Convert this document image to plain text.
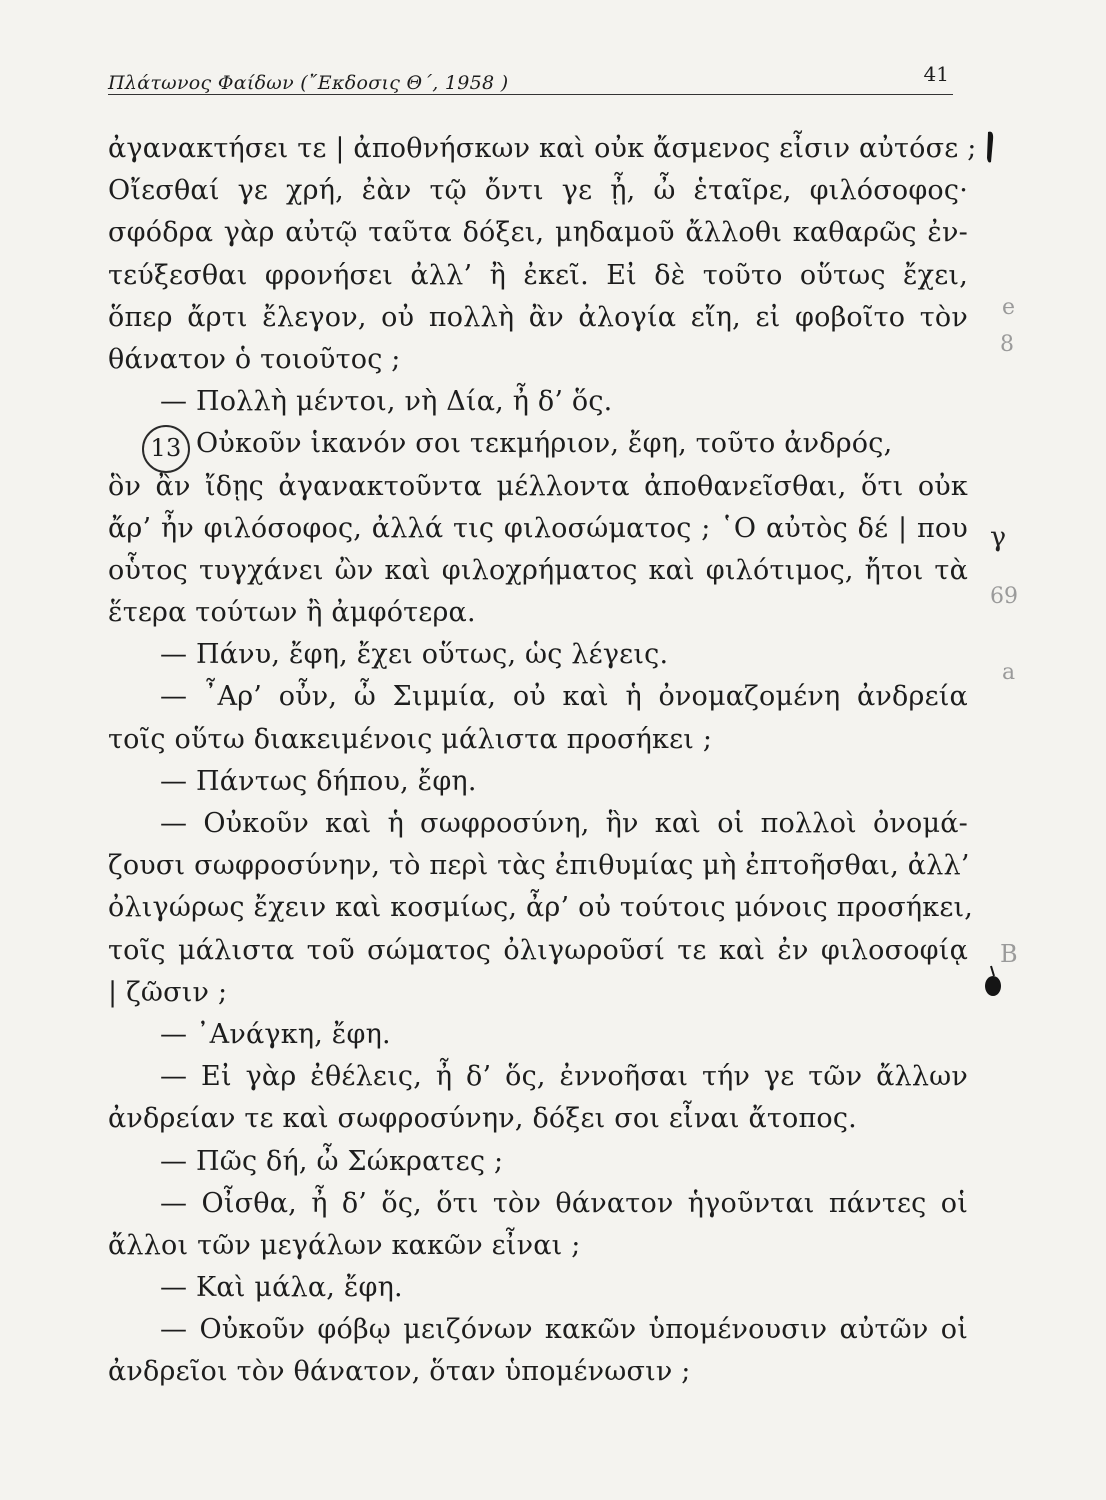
Πλάτωνος Φαίδων (῎Εκδοσις Θ΄, 1958 )	41
ἀγανακτήσει τε | ἀποθνήσκων καὶ οὐκ ἄσμενος εἶσιν αὐτόσε ;
Οἴεσθαί γε χρή, ἐὰν τῷ ὄντι γε ᾖ, ὦ ἑταῖρε, φιλόσοφος·
σφόδρα γὰρ αὐτῷ ταῦτα δόξει, μηδαμοῦ ἄλλοθι καθαρῶς ἐν-
τεύξεσθαι φρονήσει ἀλλ’ ἢ ἐκεῖ. Εἰ δὲ τοῦτο οὕτως ἔχει,
ὅπερ ἄρτι ἔλεγον, οὐ πολλὴ ἂν ἀλογία εἴη, εἰ φοβοῖτο τὸν
θάνατον ὁ τοιοῦτος ;
— Πολλὴ μέντοι, νὴ Δία, ἦ δ’ ὅς.
13 Οὐκοῦν ἱκανόν σοι τεκμήριον, ἔφη, τοῦτο ἀνδρός,
ὃν ἂν ἴδῃς ἀγανακτοῦντα μέλλοντα ἀποθανεῖσθαι, ὅτι οὐκ
ἄρ’ ἦν φιλόσοφος, ἀλλά τις φιλοσώματος ; ῾Ο αὐτὸς δέ | που
οὗτος τυγχάνει ὢν καὶ φιλοχρήματος καὶ φιλότιμος, ἤτοι τὰ
ἕτερα τούτων ἢ ἀμφότερα.
— Πάνυ, ἔφη, ἔχει οὕτως, ὡς λέγεις.
— ῏Αρ’ οὖν, ὦ Σιμμία, οὐ καὶ ἡ ὀνομαζομένη ἀνδρεία
τοῖς οὕτω διακειμένοις μάλιστα προσήκει ;
— Πάντως δήπου, ἔφη.
— Οὐκοῦν καὶ ἡ σωφροσύνη, ἣν καὶ οἱ πολλοὶ ὀνομά-
ζουσι σωφροσύνην, τὸ περὶ τὰς ἐπιθυμίας μὴ ἐπτοῆσθαι, ἀλλ’
ὀλιγώρως ἔχειν καὶ κοσμίως, ἆρ’ οὐ τούτοις μόνοις προσήκει,
τοῖς μάλιστα τοῦ σώματος ὀλιγωροῦσί τε καὶ ἐν φιλοσοφίᾳ
| ζῶσιν ;
— ᾿Ανάγκη, ἔφη.
— Εἰ γὰρ ἐθέλεις, ἦ δ’ ὅς, ἐννοῆσαι τήν γε τῶν ἄλλων
ἀνδρείαν τε καὶ σωφροσύνην, δόξει σοι εἶναι ἄτοπος.
— Πῶς δή, ὦ Σώκρατες ;
— Οἶσθα, ἦ δ’ ὅς, ὅτι τὸν θάνατον ἡγοῦνται πάντες οἱ
ἄλλοι τῶν μεγάλων κακῶν εἶναι ;
— Καὶ μάλα, ἔφη.
— Οὐκοῦν φόβῳ μειζόνων κακῶν ὑπομένουσιν αὐτῶν οἱ
ἀνδρεῖοι τὸν θάνατον, ὅταν ὑπομένωσιν ;
γ
e
8
69
a
B
